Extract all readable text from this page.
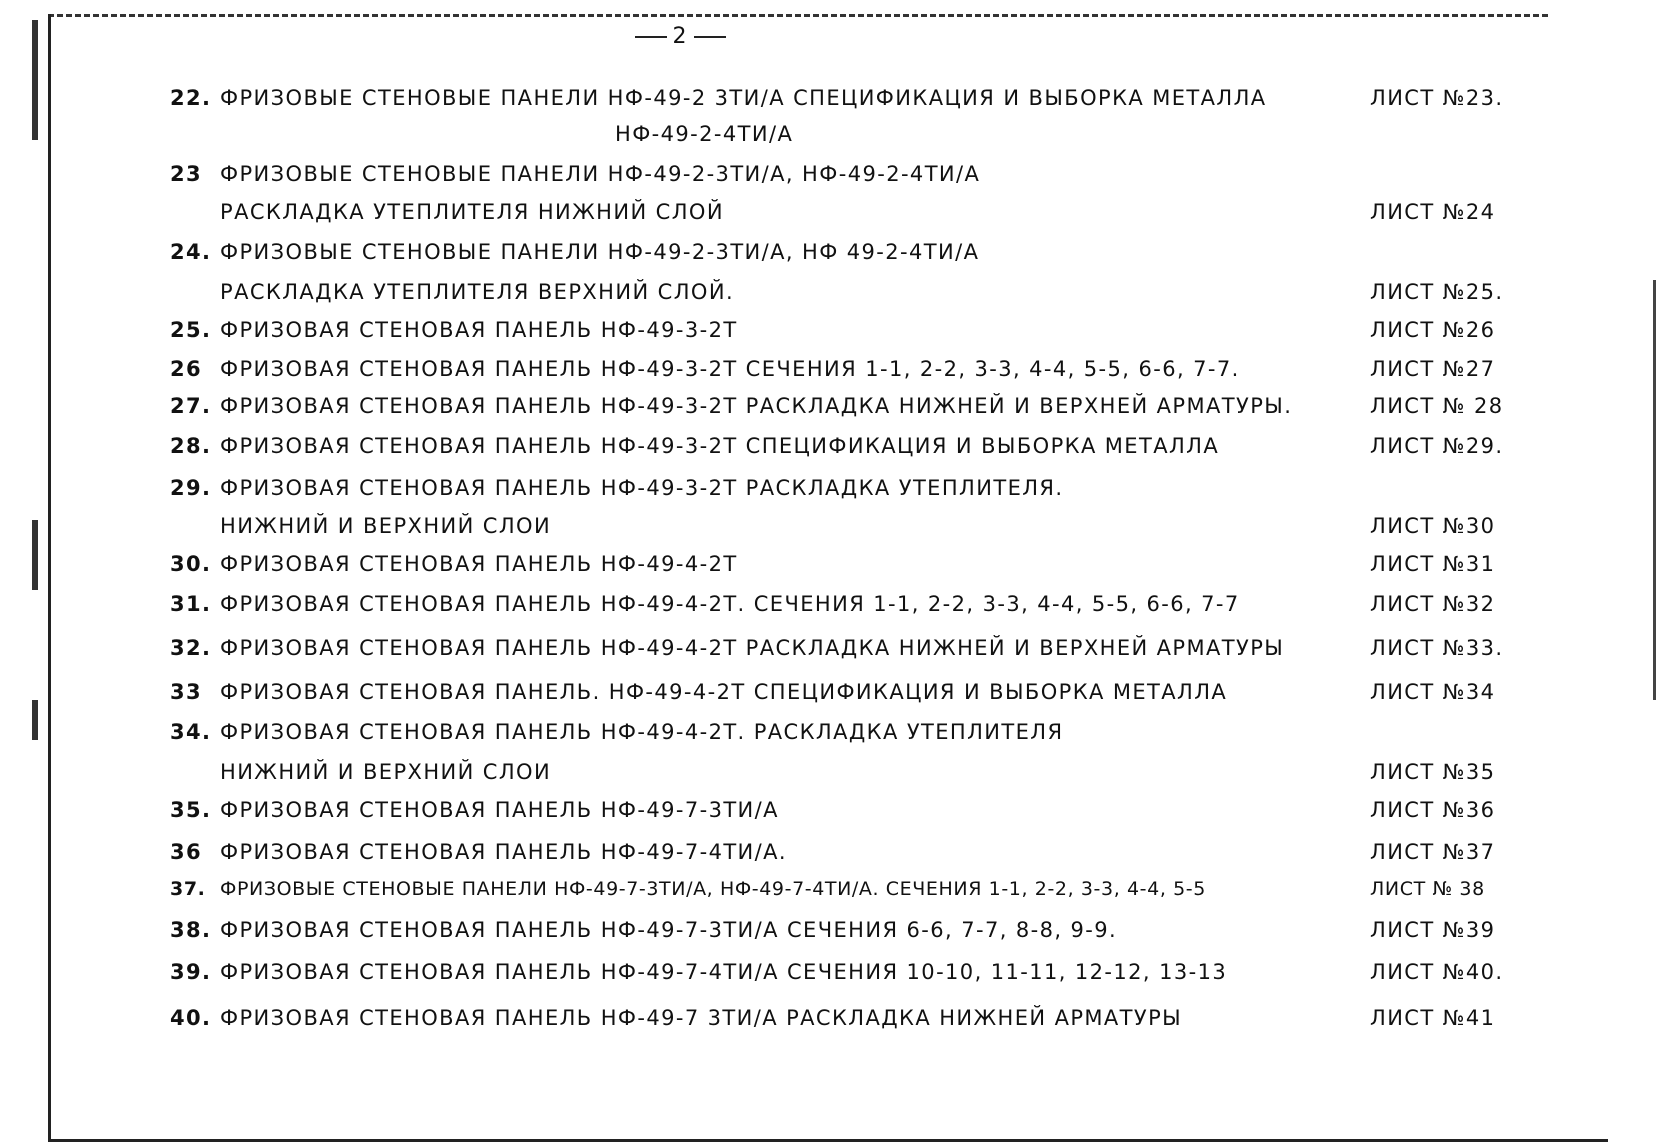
2
22. ФРИЗОВЫЕ СТЕНОВЫЕ ПАНЕЛИ НФ-49-2 3ТИ/А СПЕЦИФИКАЦИЯ И ВЫБОРКА МЕТАЛЛА	ЛИСТ №23.
НФ-49-2-4ТИ/А
23 ФРИЗОВЫЕ СТЕНОВЫЕ ПАНЕЛИ НФ-49-2-3ТИ/А, НФ-49-2-4ТИ/А
РАСКЛАДКА УТЕПЛИТЕЛЯ НИЖНИЙ СЛОЙ	ЛИСТ №24
24. ФРИЗОВЫЕ СТЕНОВЫЕ ПАНЕЛИ НФ-49-2-3ТИ/А, НФ 49-2-4ТИ/А
РАСКЛАДКА УТЕПЛИТЕЛЯ ВЕРХНИЙ СЛОЙ.	ЛИСТ №25.
25. ФРИЗОВАЯ СТЕНОВАЯ ПАНЕЛЬ НФ-49-3-2Т	ЛИСТ №26
26 ФРИЗОВАЯ СТЕНОВАЯ ПАНЕЛЬ НФ-49-3-2Т СЕЧЕНИЯ 1-1, 2-2, 3-3, 4-4, 5-5, 6-6, 7-7.	ЛИСТ №27
27. ФРИЗОВАЯ СТЕНОВАЯ ПАНЕЛЬ НФ-49-3-2Т РАСКЛАДКА НИЖНЕЙ И ВЕРХНЕЙ АРМАТУРЫ.	ЛИСТ № 28
28. ФРИЗОВАЯ СТЕНОВАЯ ПАНЕЛЬ НФ-49-3-2Т СПЕЦИФИКАЦИЯ И ВЫБОРКА МЕТАЛЛА	ЛИСТ №29.
29. ФРИЗОВАЯ СТЕНОВАЯ ПАНЕЛЬ НФ-49-3-2Т РАСКЛАДКА УТЕПЛИТЕЛЯ.
НИЖНИЙ И ВЕРХНИЙ СЛОИ	ЛИСТ №30
30. ФРИЗОВАЯ СТЕНОВАЯ ПАНЕЛЬ НФ-49-4-2Т	ЛИСТ №31
31. ФРИЗОВАЯ СТЕНОВАЯ ПАНЕЛЬ НФ-49-4-2Т. СЕЧЕНИЯ 1-1, 2-2, 3-3, 4-4, 5-5, 6-6, 7-7	ЛИСТ №32
32. ФРИЗОВАЯ СТЕНОВАЯ ПАНЕЛЬ НФ-49-4-2Т РАСКЛАДКА НИЖНЕЙ И ВЕРХНЕЙ АРМАТУРЫ	ЛИСТ №33.
33 ФРИЗОВАЯ СТЕНОВАЯ ПАНЕЛЬ. НФ-49-4-2Т СПЕЦИФИКАЦИЯ И ВЫБОРКА МЕТАЛЛА	ЛИСТ №34
34. ФРИЗОВАЯ СТЕНОВАЯ ПАНЕЛЬ НФ-49-4-2Т. РАСКЛАДКА УТЕПЛИТЕЛЯ
НИЖНИЙ И ВЕРХНИЙ СЛОИ	ЛИСТ №35
35. ФРИЗОВАЯ СТЕНОВАЯ ПАНЕЛЬ НФ-49-7-3ТИ/А	ЛИСТ №36
36 ФРИЗОВАЯ СТЕНОВАЯ ПАНЕЛЬ НФ-49-7-4ТИ/А.	ЛИСТ №37
37. ФРИЗОВЫЕ СТЕНОВЫЕ ПАНЕЛИ НФ-49-7-3ТИ/А, НФ-49-7-4ТИ/А. СЕЧЕНИЯ 1-1, 2-2, 3-3, 4-4, 5-5	ЛИСТ № 38
38. ФРИЗОВАЯ СТЕНОВАЯ ПАНЕЛЬ НФ-49-7-3ТИ/А СЕЧЕНИЯ 6-6, 7-7, 8-8, 9-9.	ЛИСТ №39
39. ФРИЗОВАЯ СТЕНОВАЯ ПАНЕЛЬ НФ-49-7-4ТИ/А СЕЧЕНИЯ 10-10, 11-11, 12-12, 13-13	ЛИСТ №40.
40. ФРИЗОВАЯ СТЕНОВАЯ ПАНЕЛЬ НФ-49-7 3ТИ/А РАСКЛАДКА НИЖНЕЙ АРМАТУРЫ	ЛИСТ №41
